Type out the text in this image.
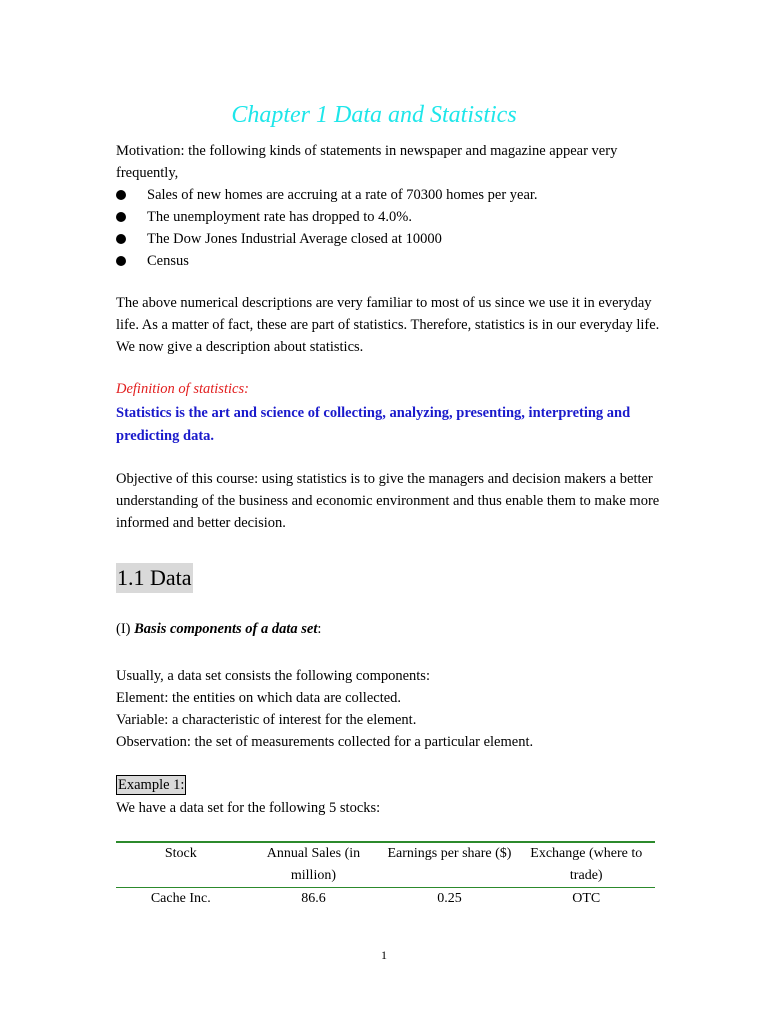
Chapter 1 Data and Statistics
Motivation: the following kinds of statements in newspaper and magazine appear very frequently,
Sales of new homes are accruing at a rate of 70300 homes per year.
The unemployment rate has dropped to 4.0%.
The Dow Jones Industrial Average closed at 10000
Census
The above numerical descriptions are very familiar to most of us since we use it in everyday life. As a matter of fact, these are part of statistics. Therefore, statistics is in our everyday life. We now give a description about statistics.
Definition of statistics:
Statistics is the art and science of collecting, analyzing, presenting, interpreting and predicting data.
Objective of this course: using statistics is to give the managers and decision makers a better understanding of the business and economic environment and thus enable them to make more informed and better decision.
1.1 Data
(I) Basis components of a data set:
Usually, a data set consists the following components:
Element: the entities on which data are collected.
Variable: a characteristic of interest for the element.
Observation: the set of measurements collected for a particular element.
Example 1:
We have a data set for the following 5 stocks:
Stock	Annual Sales (in million)	Earnings per share ($)	Exchange (where to trade)
Cache Inc.	86.6	0.25	OTC
1
